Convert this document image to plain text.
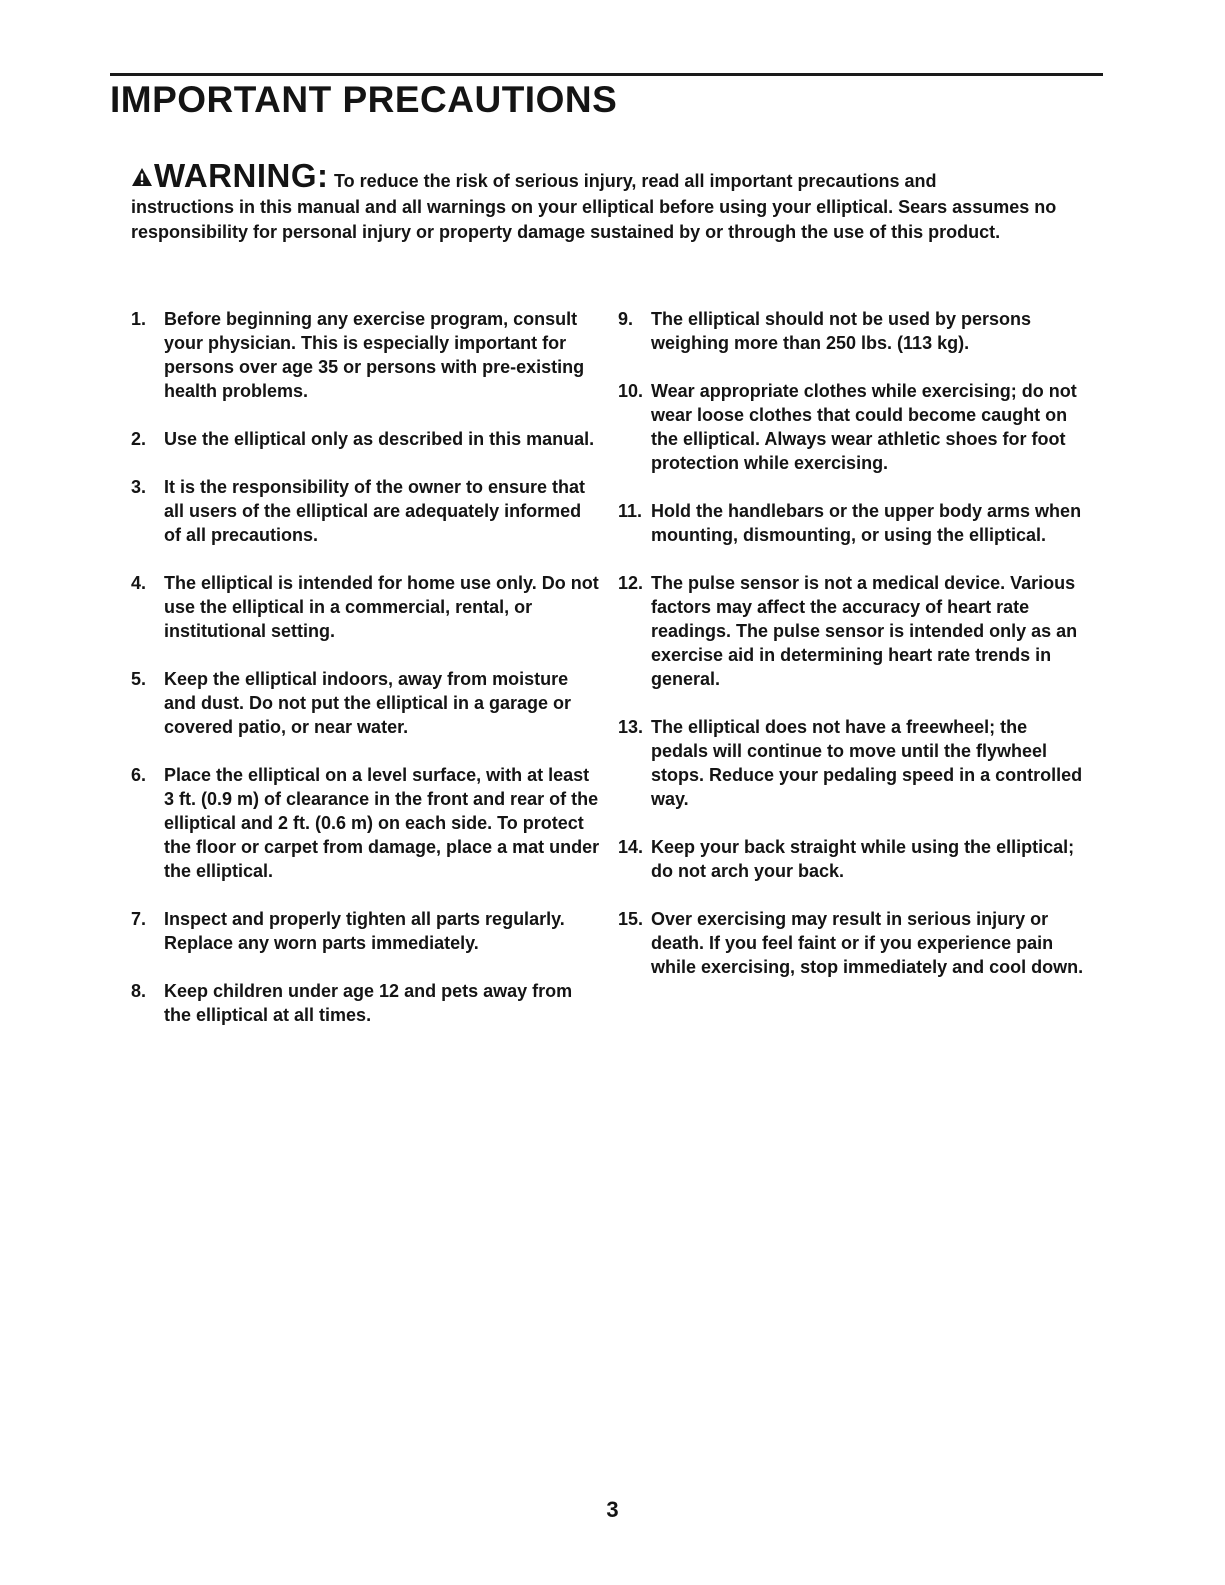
IMPORTANT PRECAUTIONS
WARNING: To reduce the risk of serious injury, read all important precautions and
instructions in this manual and all warnings on your elliptical before using your elliptical. Sears assumes no responsibility for personal injury or property damage sustained by or through the use of this product.
1. Before beginning any exercise program, consult your physician. This is especially important for persons over age 35 or persons with pre-existing health problems.
2. Use the elliptical only as described in this manual.
3. It is the responsibility of the owner to ensure that all users of the elliptical are adequately informed of all precautions.
4. The elliptical is intended for home use only. Do not use the elliptical in a commercial, rental, or institutional setting.
5. Keep the elliptical indoors, away from moisture and dust. Do not put the elliptical in a garage or covered patio, or near water.
6. Place the elliptical on a level surface, with at least 3 ft. (0.9 m) of clearance in the front and rear of the elliptical and 2 ft. (0.6 m) on each side. To protect the floor or carpet from damage, place a mat under the elliptical.
7. Inspect and properly tighten all parts regularly. Replace any worn parts immediately.
8. Keep children under age 12 and pets away from the elliptical at all times.
9. The elliptical should not be used by persons weighing more than 250 lbs. (113 kg).
10. Wear appropriate clothes while exercising; do not wear loose clothes that could become caught on the elliptical. Always wear athletic shoes for foot protection while exercising.
11. Hold the handlebars or the upper body arms when mounting, dismounting, or using the elliptical.
12. The pulse sensor is not a medical device. Various factors may affect the accuracy of heart rate readings. The pulse sensor is intended only as an exercise aid in determining heart rate trends in general.
13. The elliptical does not have a freewheel; the pedals will continue to move until the flywheel stops. Reduce your pedaling speed in a controlled way.
14. Keep your back straight while using the elliptical; do not arch your back.
15. Over exercising may result in serious injury or death. If you feel faint or if you experience pain while exercising, stop immediately and cool down.
3
